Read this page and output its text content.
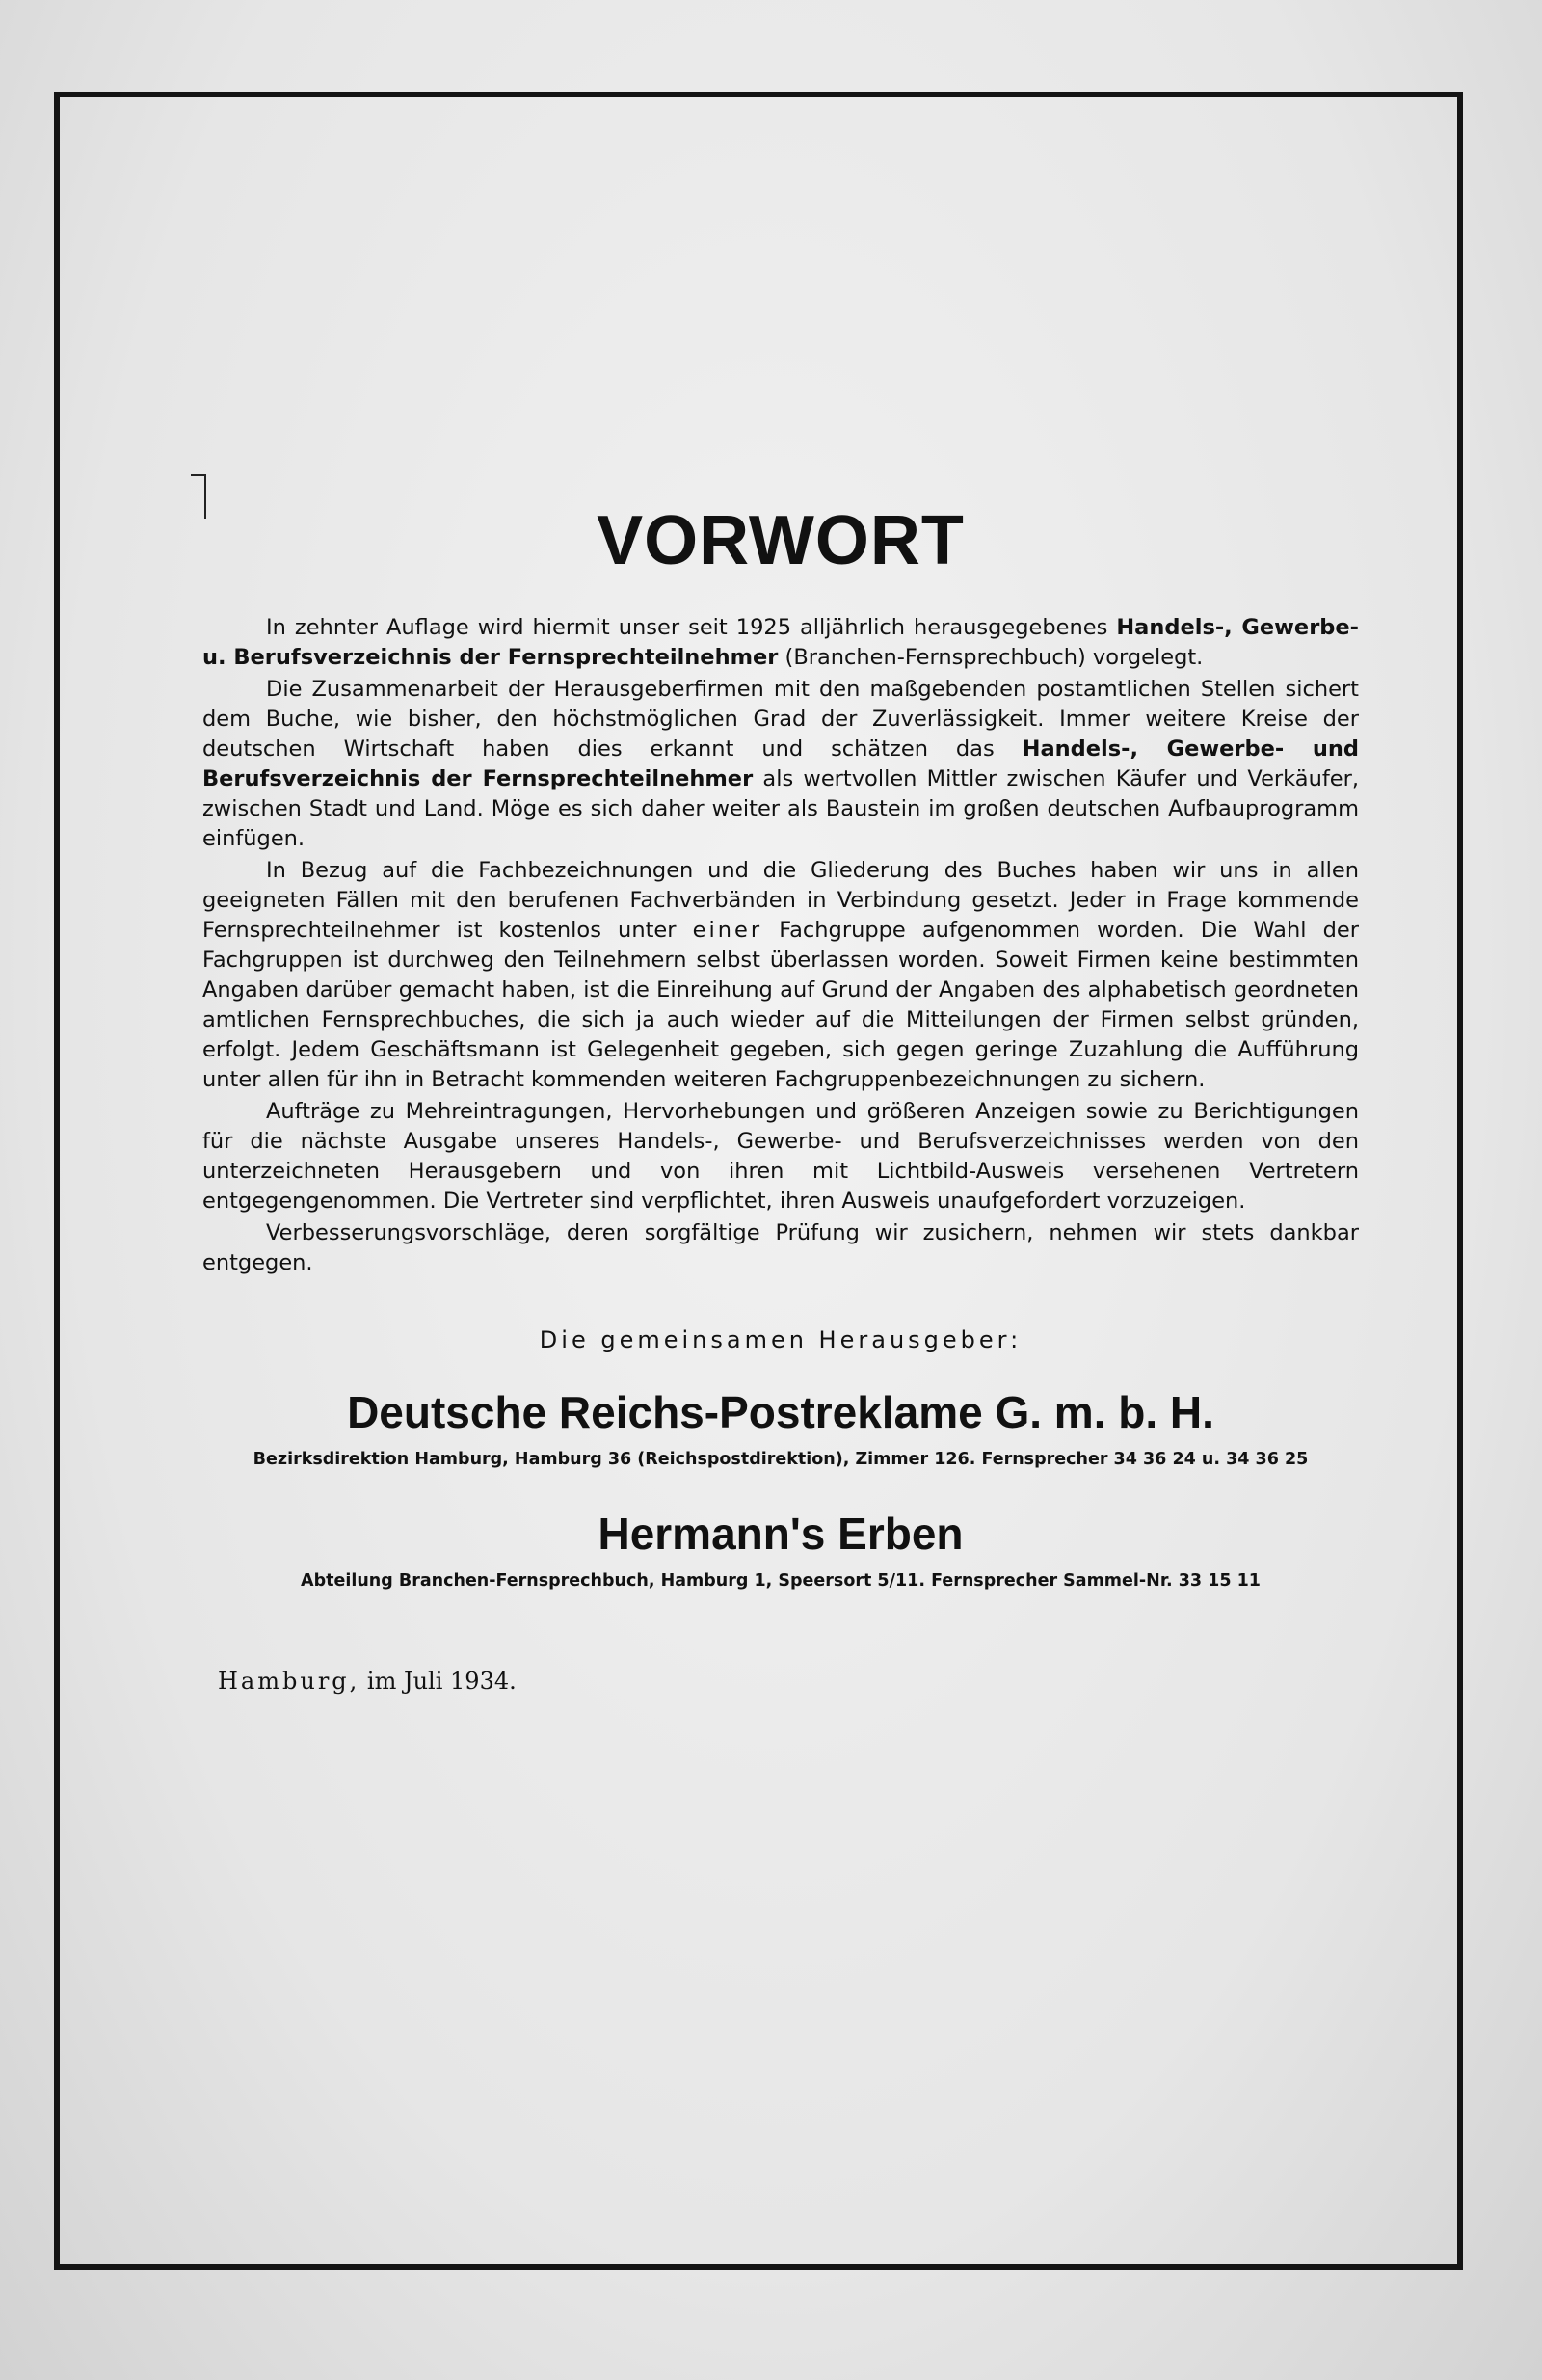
VORWORT

In zehnter Auflage wird hiermit unser seit 1925 alljährlich herausgegebenes Handels-, Gewerbe- u. Berufsverzeichnis der Fernsprechteilnehmer (Branchen-Fernsprechbuch) vorgelegt.

Die Zusammenarbeit der Herausgeberfirmen mit den maßgebenden postamtlichen Stellen sichert dem Buche, wie bisher, den höchstmöglichen Grad der Zuverlässigkeit. Immer weitere Kreise der deutschen Wirtschaft haben dies erkannt und schätzen das Handels-, Gewerbe- und Berufsverzeichnis der Fernsprechteilnehmer als wertvollen Mittler zwischen Käufer und Verkäufer, zwischen Stadt und Land. Möge es sich daher weiter als Baustein im großen deutschen Aufbauprogramm einfügen.

In Bezug auf die Fachbezeichnungen und die Gliederung des Buches haben wir uns in allen geeigneten Fällen mit den berufenen Fachverbänden in Verbindung gesetzt. Jeder in Frage kommende Fernsprechteilnehmer ist kostenlos unter einer Fachgruppe aufgenommen worden. Die Wahl der Fachgruppen ist durchweg den Teilnehmern selbst überlassen worden. Soweit Firmen keine bestimmten Angaben darüber gemacht haben, ist die Einreihung auf Grund der Angaben des alphabetisch geordneten amtlichen Fernsprechbuches, die sich ja auch wieder auf die Mitteilungen der Firmen selbst gründen, erfolgt. Jedem Geschäftsmann ist Gelegenheit gegeben, sich gegen geringe Zuzahlung die Aufführung unter allen für ihn in Betracht kommenden weiteren Fachgruppenbezeichnungen zu sichern.

Aufträge zu Mehreintragungen, Hervorhebungen und größeren Anzeigen sowie zu Berichtigungen für die nächste Ausgabe unseres Handels-, Gewerbe- und Berufsverzeichnisses werden von den unterzeichneten Herausgebern und von ihren mit Lichtbild-Ausweis versehenen Vertretern entgegengenommen. Die Vertreter sind verpflichtet, ihren Ausweis unaufgefordert vorzuzeigen.

Verbesserungsvorschläge, deren sorgfältige Prüfung wir zusichern, nehmen wir stets dankbar entgegen.

Die gemeinsamen Herausgeber:
Deutsche Reichs-Postreklame G. m. b. H.
Bezirksdirektion Hamburg, Hamburg 36 (Reichspostdirektion), Zimmer 126. Fernsprecher 34 36 24 u. 34 36 25
Hermann's Erben
Abteilung Branchen-Fernsprechbuch, Hamburg 1, Speersort 5/11. Fernsprecher Sammel-Nr. 33 15 11
Hamburg, im Juli 1934.
